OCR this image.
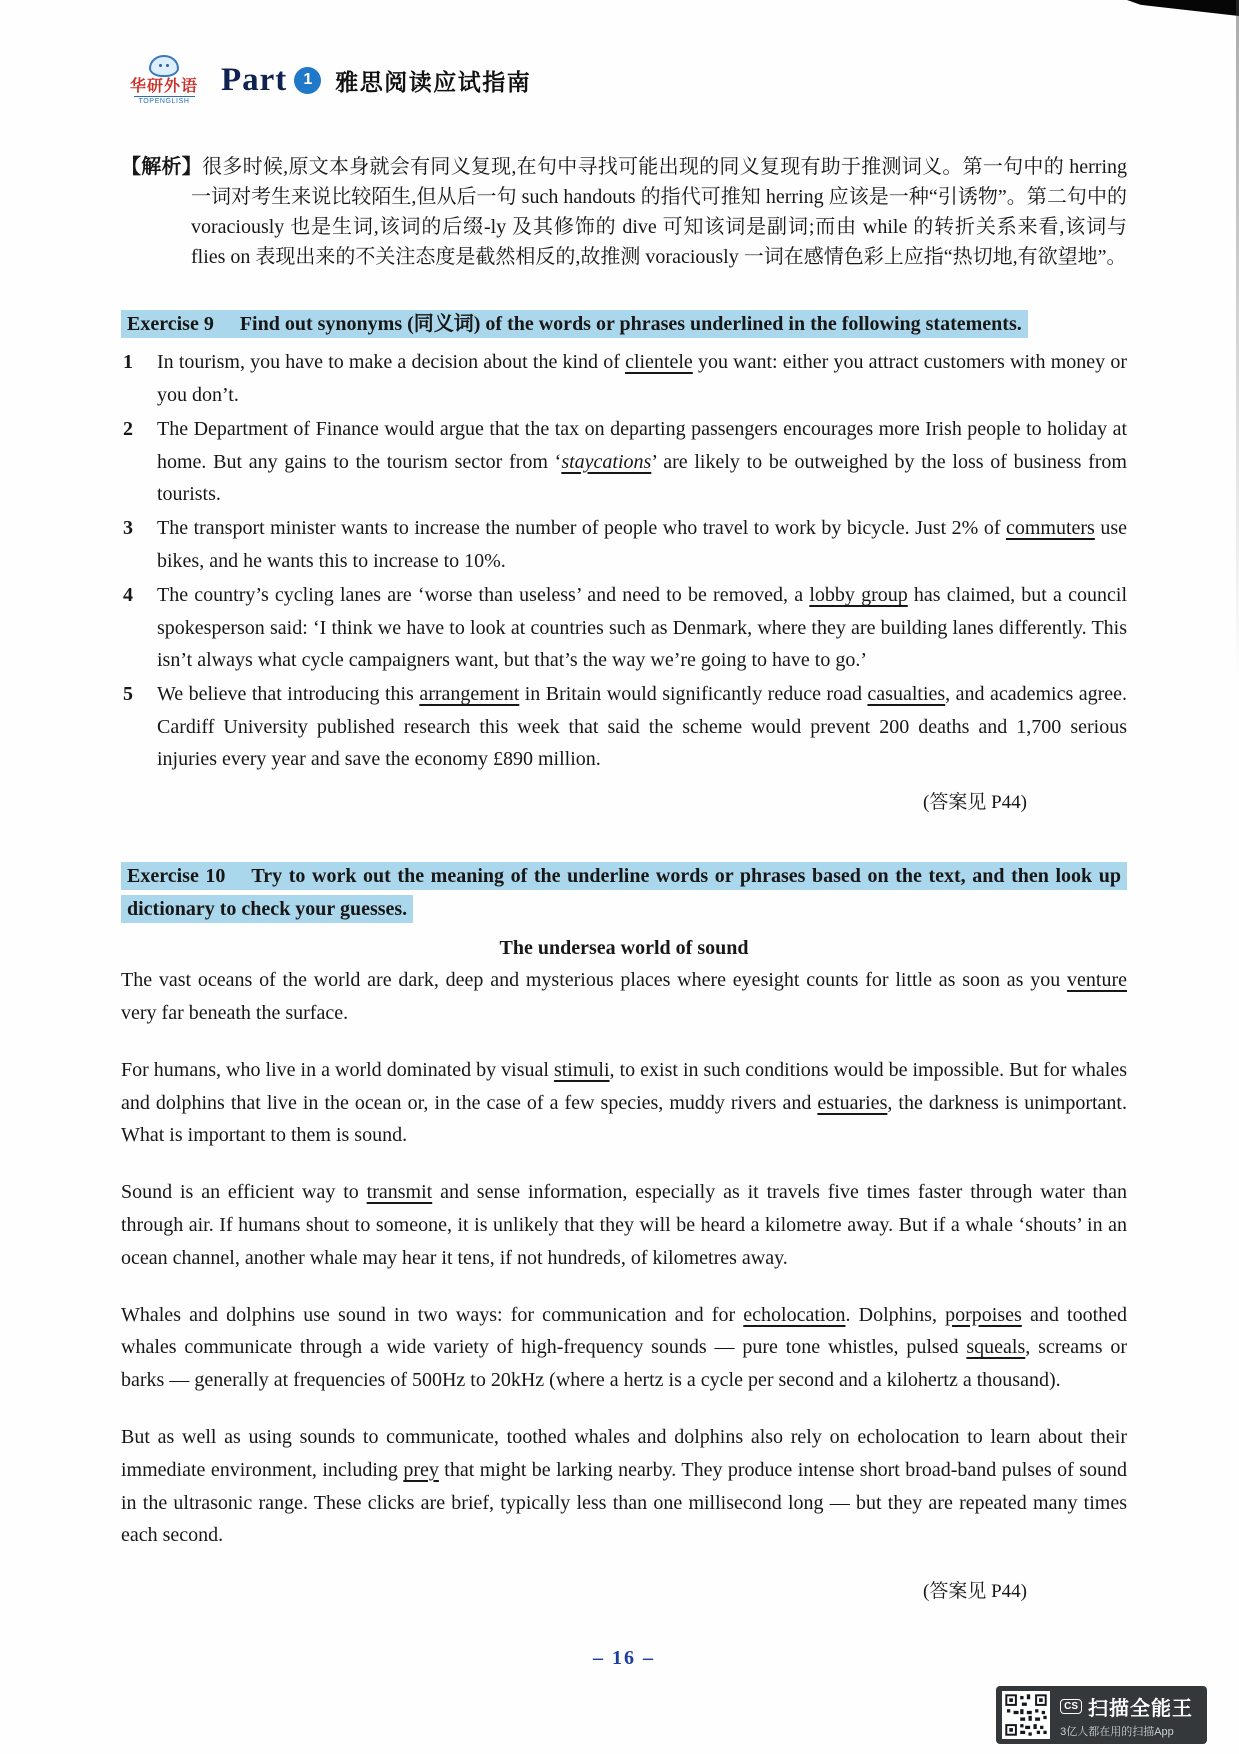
华研外语
TOPENGLISH
Part 1 雅思阅读应试指南

【解析】很多时候,原文本身就会有同义复现,在句中寻找可能出现的同义复现有助于推测词义。第一句中的 herring 一词对考生来说比较陌生,但从后一句 such handouts 的指代可推知 herring 应该是一种“引诱物”。第二句中的 voraciously 也是生词,该词的后缀-ly 及其修饰的 dive 可知该词是副词;而由 while 的转折关系来看,该词与 flies on 表现出来的不关注态度是截然相反的,故推测 voraciously 一词在感情色彩上应指“热切地,有欲望地”。

Exercise 9 Find out synonyms (同义词) of the words or phrases underlined in the following statements.

1 In tourism, you have to make a decision about the kind of clientele you want: either you attract customers with money or you don’t.
2 The Department of Finance would argue that the tax on departing passengers encourages more Irish people to holiday at home. But any gains to the tourism sector from ‘staycations’ are likely to be outweighed by the loss of business from tourists.
3 The transport minister wants to increase the number of people who travel to work by bicycle. Just 2% of commuters use bikes, and he wants this to increase to 10%.
4 The country’s cycling lanes are ‘worse than useless’ and need to be removed, a lobby group has claimed, but a council spokesperson said: ‘I think we have to look at countries such as Denmark, where they are building lanes differently. This isn’t always what cycle campaigners want, but that’s the way we’re going to have to go.’
5 We believe that introducing this arrangement in Britain would significantly reduce road casualties, and academics agree. Cardiff University published research this week that said the scheme would prevent 200 deaths and 1,700 serious injuries every year and save the economy £890 million.

(答案见 P44)

Exercise 10 Try to work out the meaning of the underline words or phrases based on the text, and then look up dictionary to check your guesses.

The undersea world of sound

The vast oceans of the world are dark, deep and mysterious places where eyesight counts for little as soon as you venture very far beneath the surface.

For humans, who live in a world dominated by visual stimuli, to exist in such conditions would be impossible. But for whales and dolphins that live in the ocean or, in the case of a few species, muddy rivers and estuaries, the darkness is unimportant. What is important to them is sound.

Sound is an efficient way to transmit and sense information, especially as it travels five times faster through water than through air. If humans shout to someone, it is unlikely that they will be heard a kilometre away. But if a whale ‘shouts’ in an ocean channel, another whale may hear it tens, if not hundreds, of kilometres away.

Whales and dolphins use sound in two ways: for communication and for echolocation. Dolphins, porpoises and toothed whales communicate through a wide variety of high-frequency sounds — pure tone whistles, pulsed squeals, screams or barks — generally at frequencies of 500Hz to 20kHz (where a hertz is a cycle per second and a kilohertz a thousand).

But as well as using sounds to communicate, toothed whales and dolphins also rely on echolocation to learn about their immediate environment, including prey that might be larking nearby. They produce intense short broad-band pulses of sound in the ultrasonic range. These clicks are brief, typically less than one millisecond long — but they are repeated many times each second.

(答案见 P44)

– 16 –
CS 扫描全能王
3亿人都在用的扫描App
